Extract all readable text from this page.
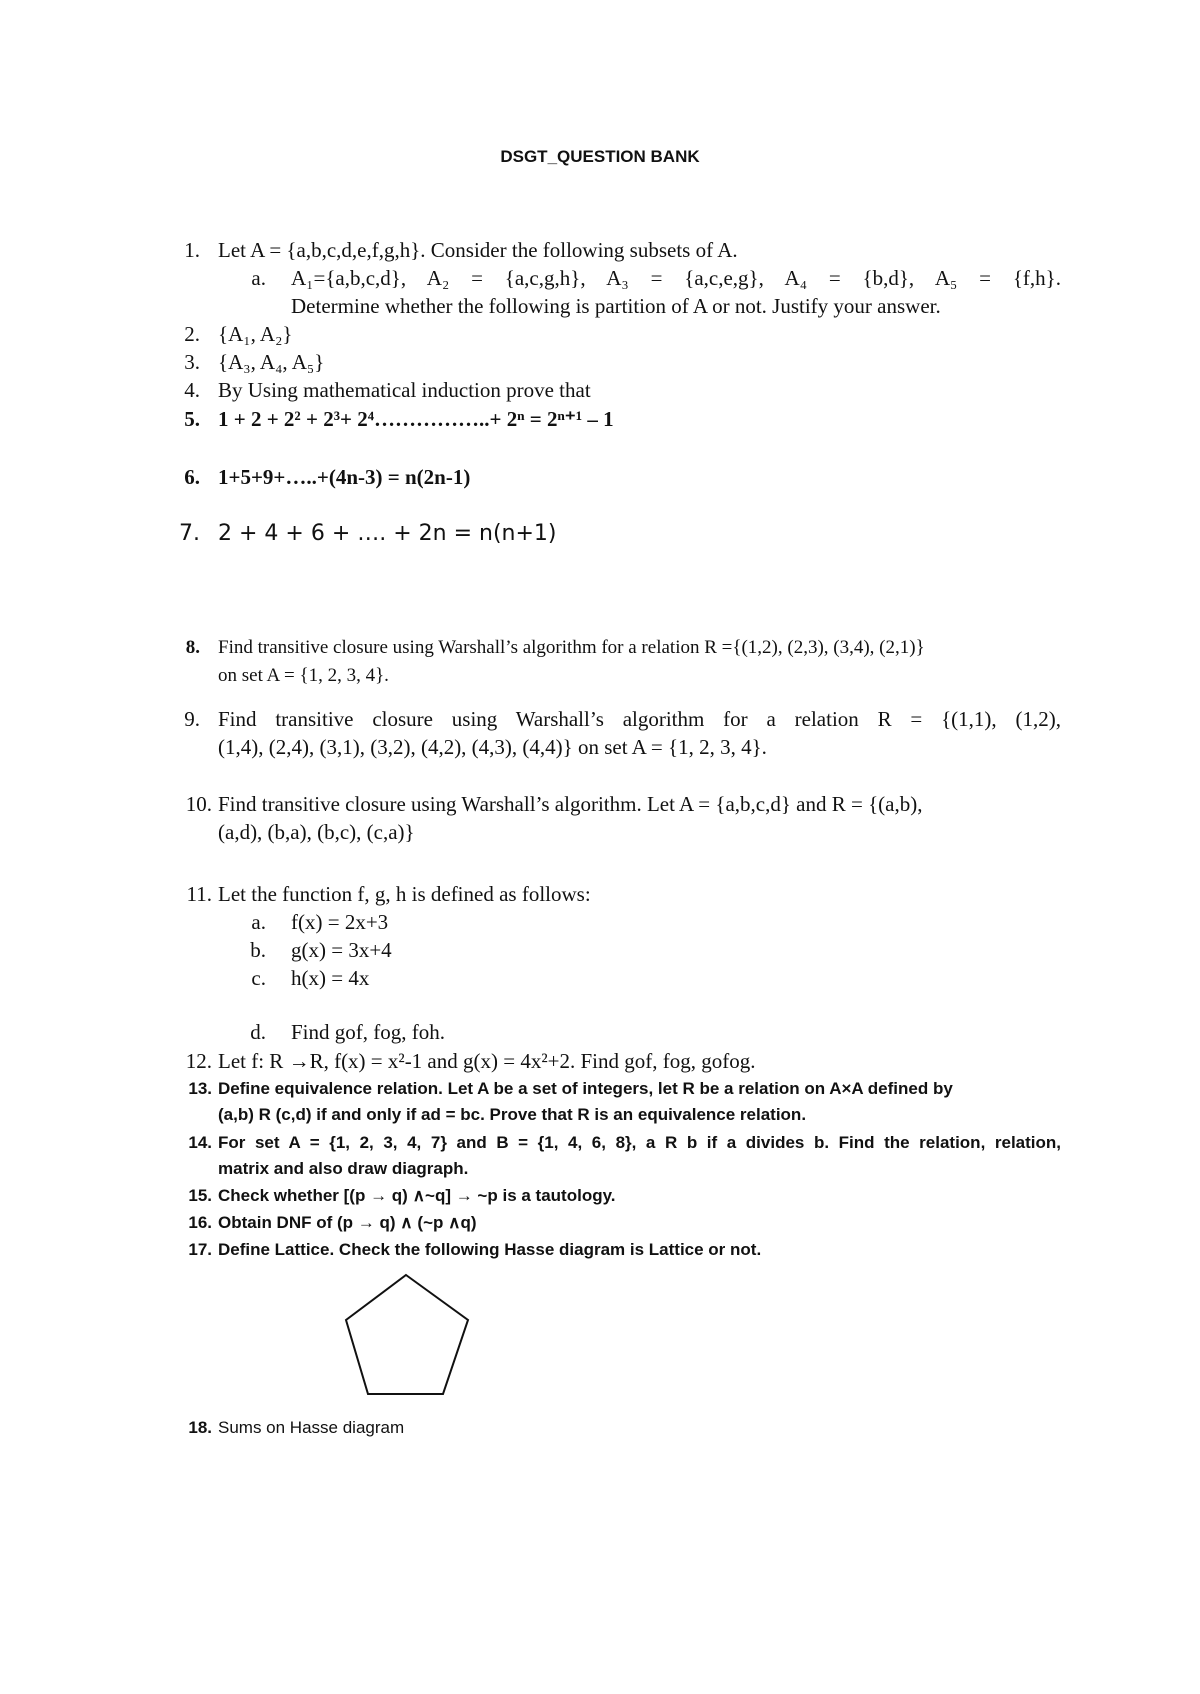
DSGT_QUESTION BANK
1. Let A = {a,b,c,d,e,f,g,h}. Consider the following subsets of A.
a. A₁={a,b,c,d}, A₂ = {a,c,g,h}, A₃ = {a,c,e,g}, A₄ = {b,d}, A₅ = {f,h}.
Determine whether the following is partition of A or not. Justify your answer.
2. {A₁, A₂}
3. {A₃, A₄, A₅}
4. By Using mathematical induction prove that
5. 1 + 2 + 2² + 2³+ 2⁴……………..+ 2ⁿ = 2ⁿ⁺¹ – 1
6. 1+5+9+…..+(4n-3) = n(2n-1)
7. 2 + 4 + 6 + …. + 2n = n(n+1)
8. Find transitive closure using Warshall’s algorithm for a relation R ={(1,2), (2,3), (3,4), (2,1)}
on set A = {1, 2, 3, 4}.
9. Find transitive closure using Warshall’s algorithm for a relation R = {(1,1), (1,2),
(1,4), (2,4), (3,1), (3,2), (4,2), (4,3), (4,4)} on set A = {1, 2, 3, 4}.
10. Find transitive closure using Warshall’s algorithm. Let A = {a,b,c,d} and R = {(a,b),
(a,d), (b,a), (b,c), (c,a)}
11. Let the function f, g, h is defined as follows:
a. f(x) = 2x+3
b. g(x) = 3x+4
c. h(x) = 4x
d. Find gof, fog, foh.
12. Let f: R →R, f(x) = x²-1 and g(x) = 4x²+2. Find gof, fog, gofog.
13. Define equivalence relation. Let A be a set of integers, let R be a relation on A×A defined by
(a,b) R (c,d) if and only if ad = bc. Prove that R is an equivalence relation.
14. For set A = {1, 2, 3, 4, 7} and B = {1, 4, 6, 8}, a R b if a divides b. Find the relation, relation,
matrix and also draw diagraph.
15. Check whether [(p → q) ∧~q] → ~p is a tautology.
16. Obtain DNF of (p → q) ∧ (~p ∧q)
17. Define Lattice. Check the following Hasse diagram is Lattice or not.
18. Sums on Hasse diagram
